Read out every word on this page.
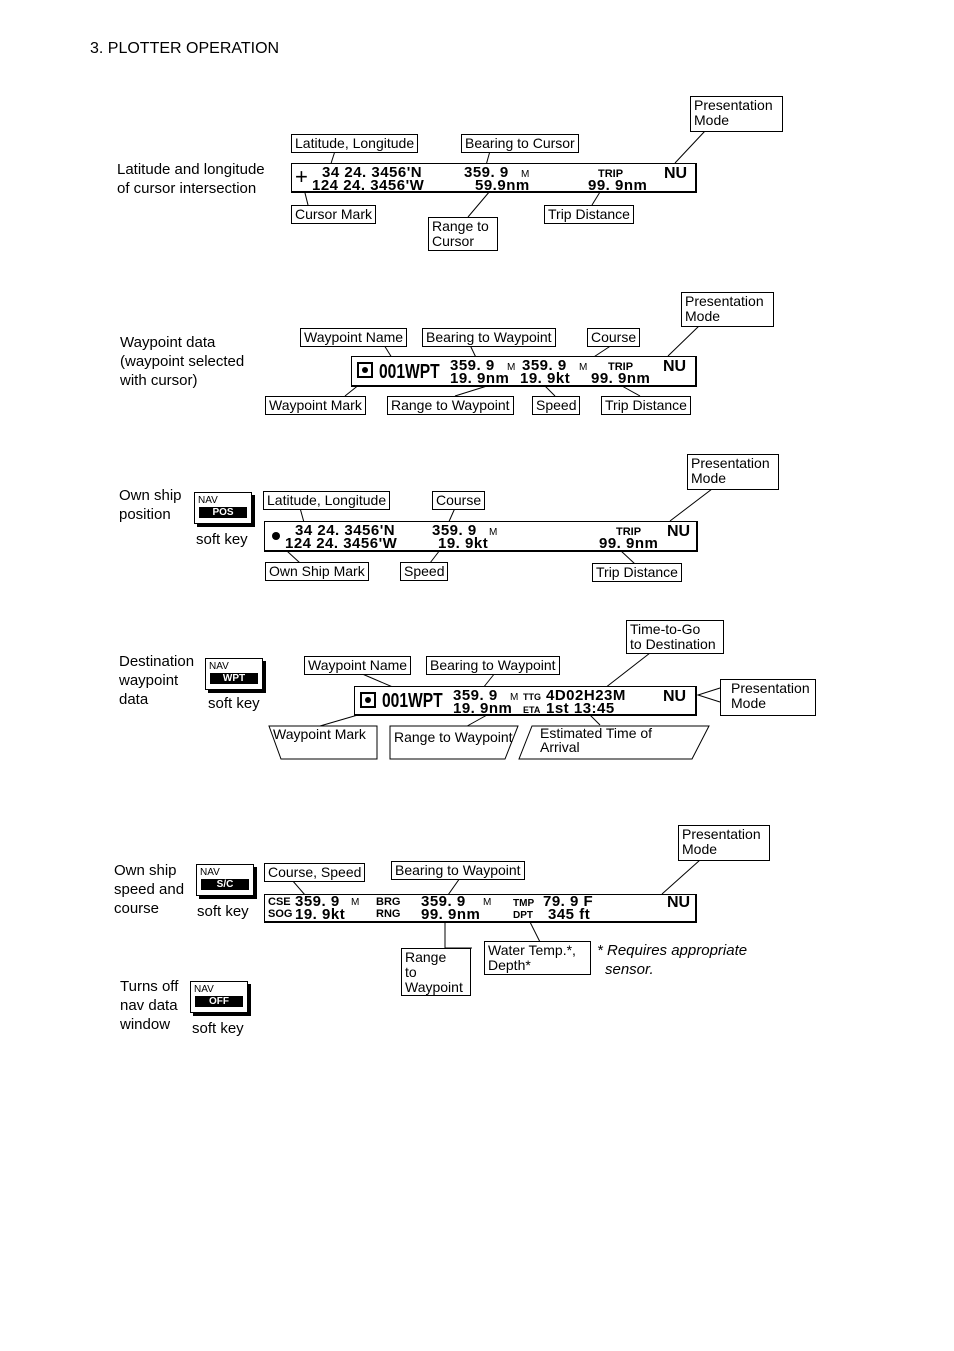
3. PLOTTER OPERATION
Latitude and longitude
of cursor intersection
Latitude, Longitude	Bearing to Cursor
Presentation
Mode
+ 34 24. 3456'N
124 24. 3456'W
359. 9 M
59.9nm
TRIP
99. 9nm
NU
Cursor Mark
Range to
Cursor
Trip Distance
Waypoint data
(waypoint selected
with cursor)
Waypoint Name Bearing to Waypoint	Course
Presentation
Mode
001WPT 359. 9 M 359. 9 M
19. 9nm 19. 9kt
TRIP
99. 9nm
NU
Waypoint Mark Range to Waypoint Speed Trip Distance
Own ship
position
NAV
POS
soft key
Latitude, Longitude	Course
Presentation
Mode
34 24. 3456'N
124 24. 3456'W
359. 9 M
19. 9kt
TRIP
99. 9nm
NU
Own Ship Mark	Speed	Trip Distance
Destination
waypoint
data
NAV
WPT
soft key
Waypoint Name Bearing to Waypoint
Time-to-Go
to Destination
Presentation
Mode
001WPT 359. 9 M TTG 4D02H23M
19. 9nm ETA 1st 13:45
NU
Waypoint Mark Range to Waypoint Estimated Time of
Arrival
Own ship
speed and
course
NAV
S/C
soft key
Course, Speed Bearing to Waypoint
Presentation
Mode
CSE 359. 9 M
SOG 19. 9kt
BRG 359. 9 M
RNG 99. 9nm
TMP 79. 9 F
DPT 345 ft
NU
Range
to
Waypoint
Water Temp.*,
Depth*
* Requires appropriate
sensor.
Turns off
nav data
window
NAV
OFF
soft key
